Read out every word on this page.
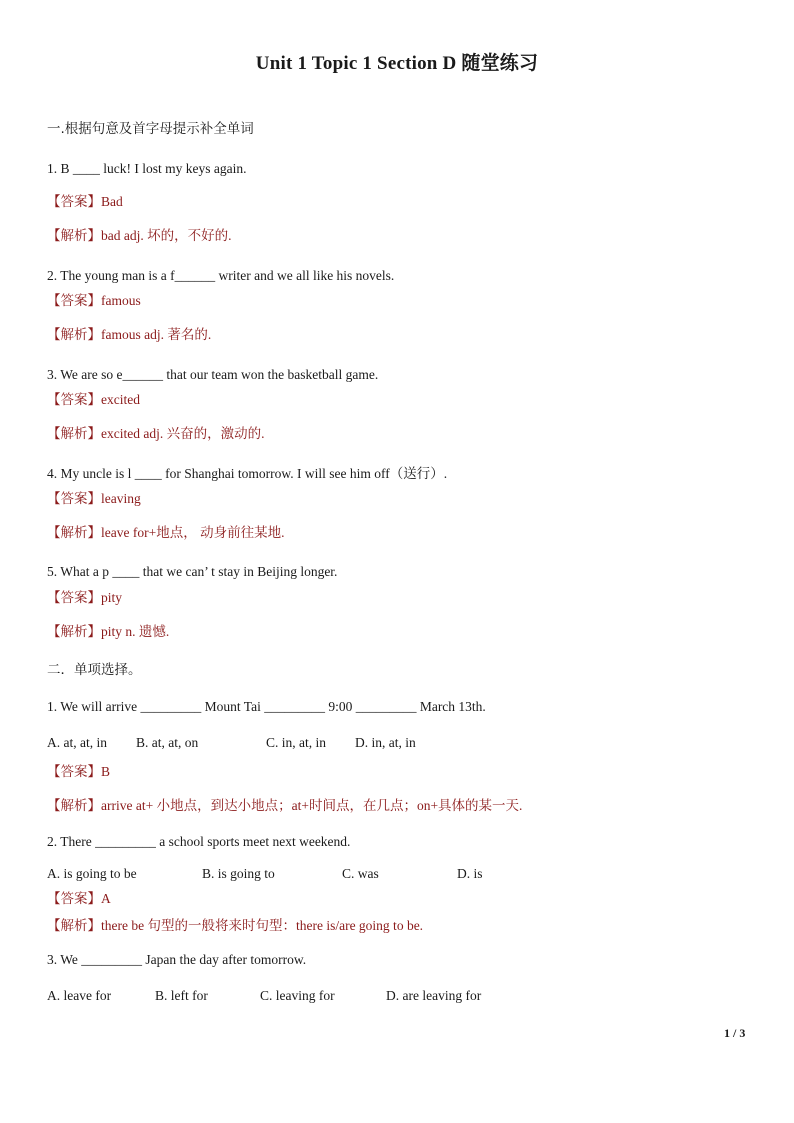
Unit 1 Topic 1 Section D 随堂练习
一.根据句意及首字母提示补全单词
1. B ____ luck! I lost my keys again.
【答案】Bad
【解析】bad adj. 坏的，不好的.
2. The young man is a f______ writer and we all like his novels.
【答案】famous
【解析】famous adj. 著名的.
3. We are so e______ that our team won the basketball game.
【答案】excited
【解析】excited adj. 兴奋的，激动的.
4. My uncle is l ____ for Shanghai tomorrow. I will see him off（送行）.
【答案】leaving
【解析】leave for+地点， 动身前往某地.
5. What a p ____ that we can’ t stay in Beijing longer.
【答案】pity
【解析】pity n. 遗憾.
二．单项选择。
1. We will arrive _________ Mount Tai _________ 9:00 _________ March 13th.
A. at, at, in B. at, at, on	C. in, at, in D. in, at, in
【答案】B
【解析】arrive at+ 小地点，到达小地点；at+时间点，在几点；on+具体的某一天.
2. There _________ a school sports meet next weekend.
A. is going to be	B. is going to	C. was	D. is
【答案】A
【解析】there be 句型的一般将来时句型：there is/are going to be.
3. We _________ Japan the day after tomorrow.
A. leave for	B. left for	C. leaving for	D. are leaving for
1 / 3
